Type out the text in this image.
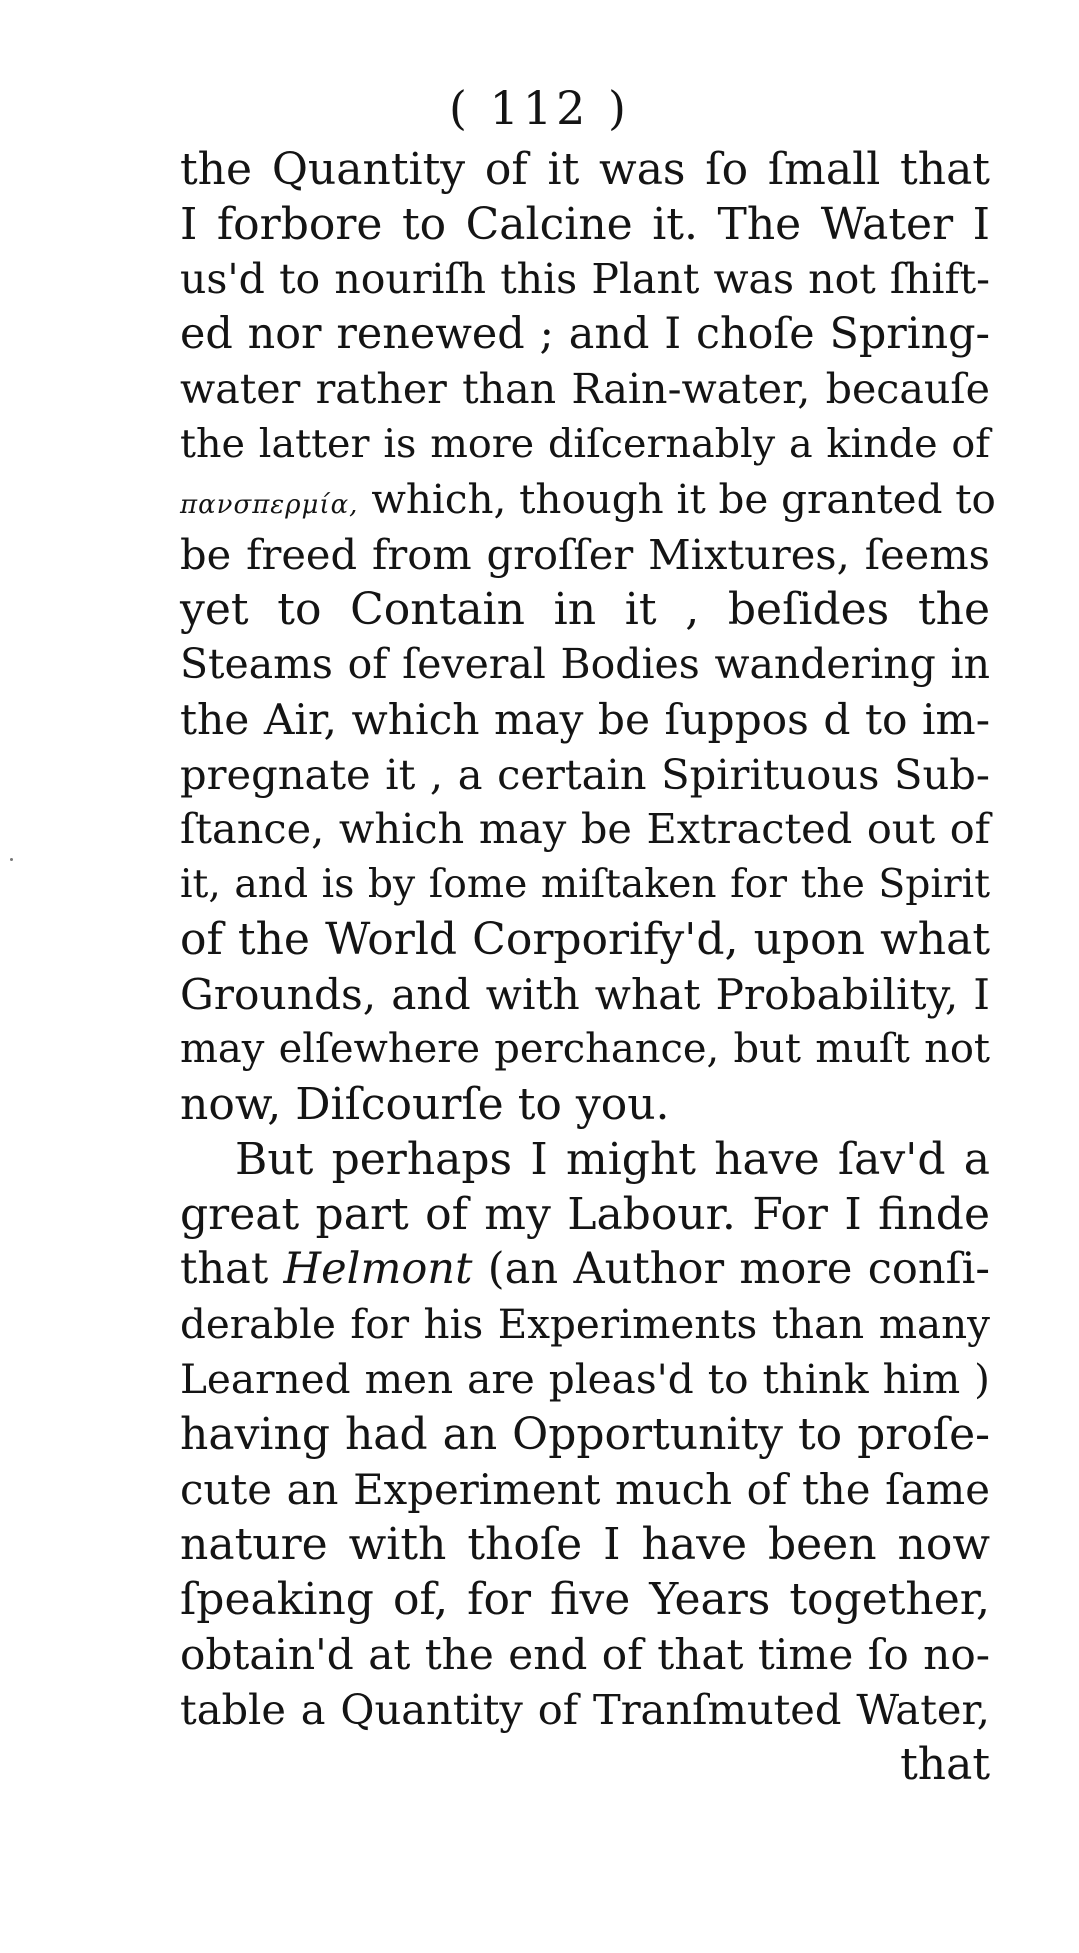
( 112 )
the Quantity of it was ſo ſmall that
I forbore to Calcine it. The Water I
us'd to nouriſh this Plant was not ſhift-
ed nor renewed ; and I choſe Spring-
water rather than Rain-water, becauſe
the latter is more diſcernably a kinde of
πανσπερμία, which, though it be granted to
be freed from groſſer Mixtures, ſeems
yet to Contain in it , beſides the
Steams of ſeveral Bodies wandering in
the Air, which may be ſuppos d to im-
pregnate it , a certain Spirituous Sub-
ſtance, which may be Extracted out of
it, and is by ſome miſtaken for the Spirit
of the World Corporify'd, upon what
Grounds, and with what Probability, I
may elſewhere perchance, but muſt not
now, Diſcourſe to you.
But perhaps I might have ſav'd a
great part of my Labour. For I finde
that Helmont (an Author more conſi-
derable for his Experiments than many
Learned men are pleas'd to think him )
having had an Opportunity to proſe-
cute an Experiment much of the ſame
nature with thoſe I have been now
ſpeaking of, for five Years together,
obtain'd at the end of that time ſo no-
table a Quantity of Tranſmuted Water,
that
